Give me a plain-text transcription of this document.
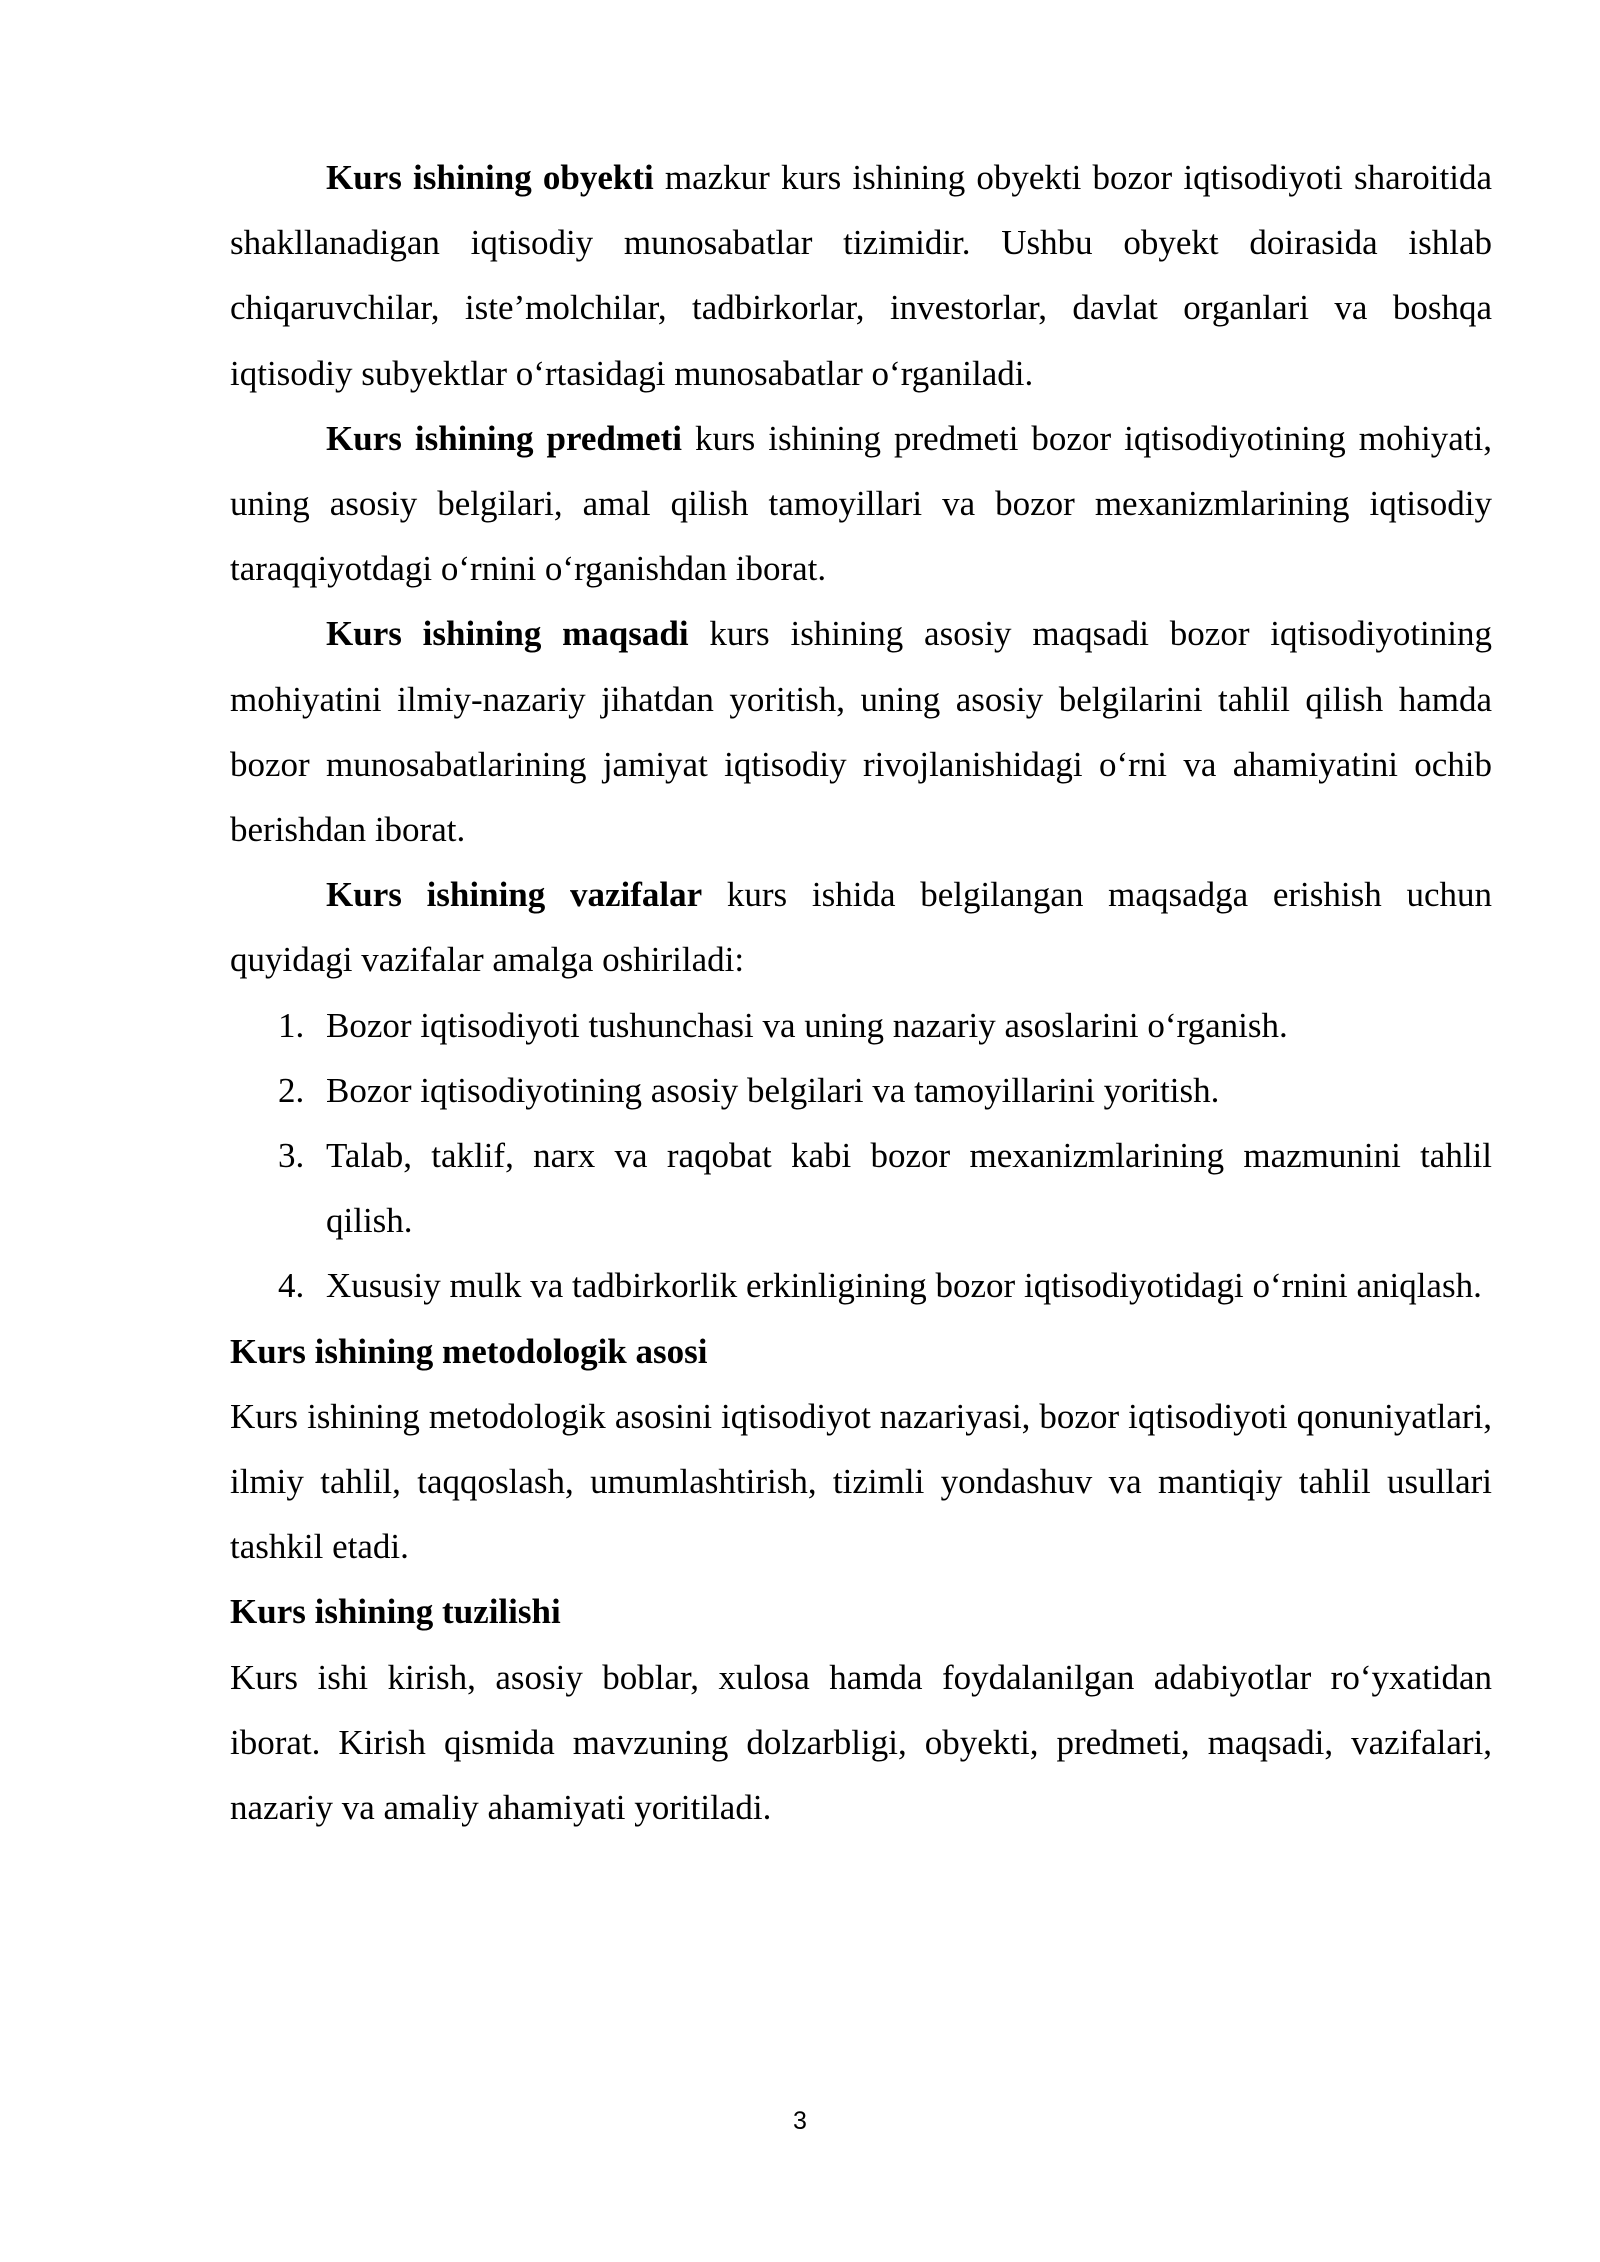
Kurs ishining obyekti mazkur kurs ishining obyekti bozor iqtisodiyoti sharoitida shakllanadigan iqtisodiy munosabatlar tizimidir. Ushbu obyekt doirasida ishlab chiqaruvchilar, iste’molchilar, tadbirkorlar, investorlar, davlat organlari va boshqa iqtisodiy subyektlar o‘rtasidagi munosabatlar o‘rganiladi.

Kurs ishining predmeti kurs ishining predmeti bozor iqtisodiyotining mohiyati, uning asosiy belgilari, amal qilish tamoyillari va bozor mexanizmlarining iqtisodiy taraqqiyotdagi o‘rnini o‘rganishdan iborat.

Kurs ishining maqsadi kurs ishining asosiy maqsadi bozor iqtisodiyotining mohiyatini ilmiy-nazariy jihatdan yoritish, uning asosiy belgilarini tahlil qilish hamda bozor munosabatlarining jamiyat iqtisodiy rivojlanishidagi o‘rni va ahamiyatini ochib berishdan iborat.

Kurs ishining vazifalar kurs ishida belgilangan maqsadga erishish uchun quyidagi vazifalar amalga oshiriladi:

1. Bozor iqtisodiyoti tushunchasi va uning nazariy asoslarini o‘rganish.
2. Bozor iqtisodiyotining asosiy belgilari va tamoyillarini yoritish.
3. Talab, taklif, narx va raqobat kabi bozor mexanizmlarining mazmunini tahlil qilish.
4. Xususiy mulk va tadbirkorlik erkinligining bozor iqtisodiyotidagi o‘rnini aniqlash.

Kurs ishining metodologik asosi

Kurs ishining metodologik asosini iqtisodiyot nazariyasi, bozor iqtisodiyoti qonuniyatlari, ilmiy tahlil, taqqoslash, umumlashtirish, tizimli yondashuv va mantiqiy tahlil usullari tashkil etadi.

Kurs ishining tuzilishi

Kurs ishi kirish, asosiy boblar, xulosa hamda foydalanilgan adabiyotlar ro‘yxatidan iborat. Kirish qismida mavzuning dolzarbligi, obyekti, predmeti, maqsadi, vazifalari, nazariy va amaliy ahamiyati yoritiladi.

3
